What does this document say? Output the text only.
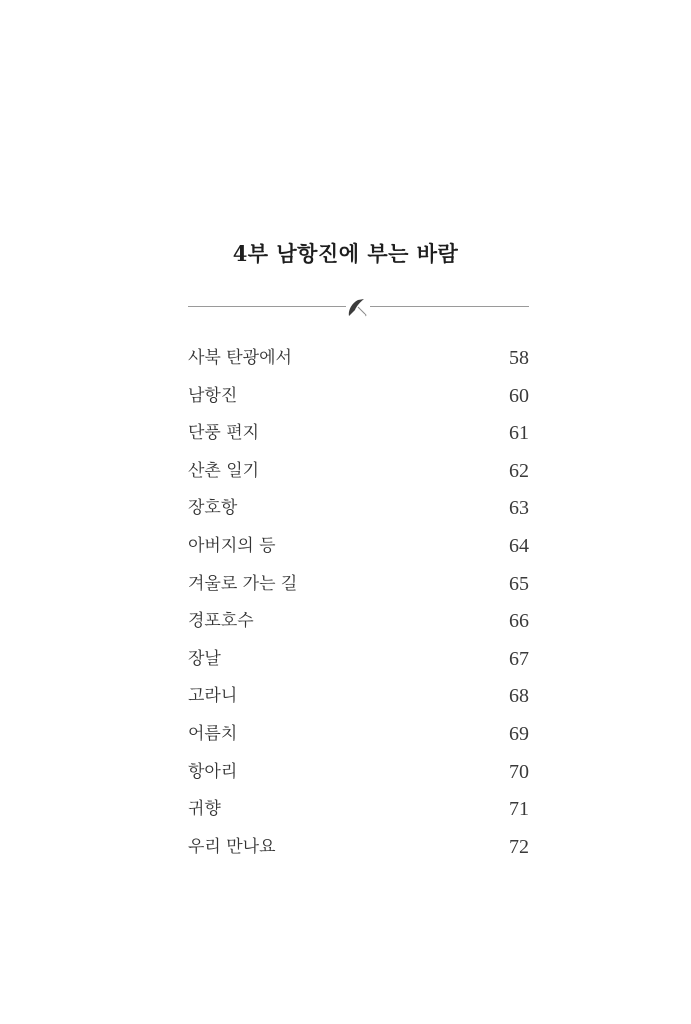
4부 남항진에 부는 바람
사북 탄광에서	58
남항진	60
단풍 편지	61
산촌 일기	62
장호항	63
아버지의 등	64
겨울로 가는 길	65
경포호수	66
장날	67
고라니	68
어름치	69
항아리	70
귀향	71
우리 만나요	72
